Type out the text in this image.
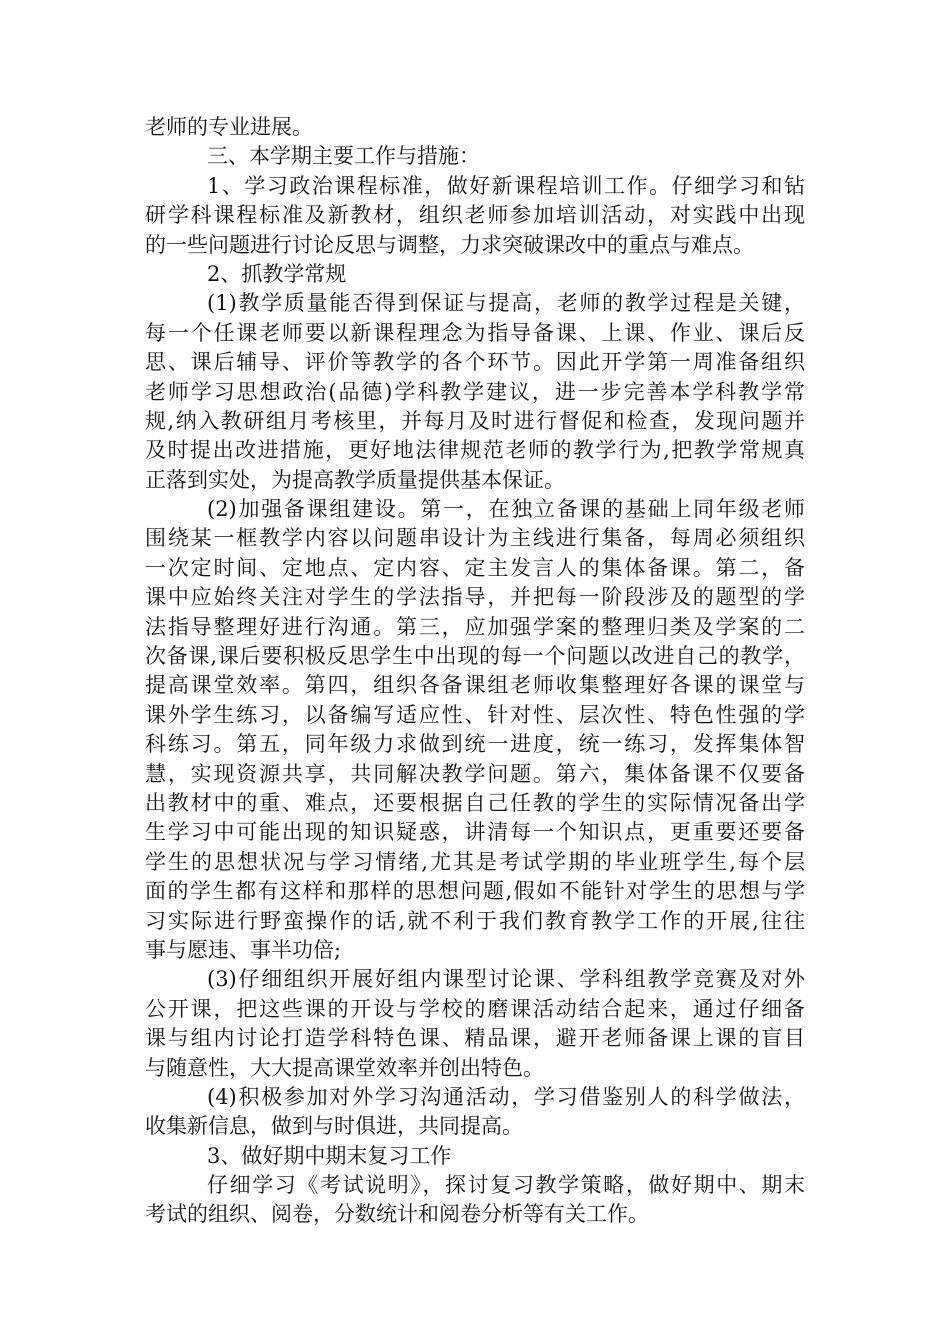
老师的专业进展。
三、本学期主要工作与措施：
1、学习政治课程标准，做好新课程培训工作。仔细学习和钻
研学科课程标准及新教材，组织老师参加培训活动，对实践中出现
的一些问题进行讨论反思与调整，力求突破课改中的重点与难点。
2、抓教学常规
(1)教学质量能否得到保证与提高，老师的教学过程是关键，
每一个任课老师要以新课程理念为指导备课、上课、作业、课后反
思、课后辅导、评价等教学的各个环节。因此开学第一周准备组织
老师学习思想政治(品德)学科教学建议，进一步完善本学科教学常
规,纳入教研组月考核里，并每月及时进行督促和检查，发现问题并
及时提出改进措施，更好地法律规范老师的教学行为,把教学常规真
正落到实处，为提高教学质量提供基本保证。
(2)加强备课组建设。第一，在独立备课的基础上同年级老师
围绕某一框教学内容以问题串设计为主线进行集备，每周必须组织
一次定时间、定地点、定内容、定主发言人的集体备课。第二，备
课中应始终关注对学生的学法指导，并把每一阶段涉及的题型的学
法指导整理好进行沟通。第三，应加强学案的整理归类及学案的二
次备课,课后要积极反思学生中出现的每一个问题以改进自己的教学，
提高课堂效率。第四，组织各备课组老师收集整理好各课的课堂与
课外学生练习，以备编写适应性、针对性、层次性、特色性强的学
科练习。第五，同年级力求做到统一进度，统一练习，发挥集体智
慧，实现资源共享，共同解决教学问题。第六，集体备课不仅要备
出教材中的重、难点，还要根据自己任教的学生的实际情况备出学
生学习中可能出现的知识疑惑，讲清每一个知识点，更重要还要备
学生的思想状况与学习情绪,尤其是考试学期的毕业班学生,每个层
面的学生都有这样和那样的思想问题,假如不能针对学生的思想与学
习实际进行野蛮操作的话,就不利于我们教育教学工作的开展,往往
事与愿违、事半功倍;
(3)仔细组织开展好组内课型讨论课、学科组教学竞赛及对外
公开课，把这些课的开设与学校的磨课活动结合起来，通过仔细备
课与组内讨论打造学科特色课、精品课，避开老师备课上课的盲目
与随意性，大大提高课堂效率并创出特色。
(4)积极参加对外学习沟通活动，学习借鉴别人的科学做法，
收集新信息，做到与时俱进，共同提高。
3、做好期中期末复习工作
仔细学习《考试说明》，探讨复习教学策略，做好期中、期末
考试的组织、阅卷，分数统计和阅卷分析等有关工作。
